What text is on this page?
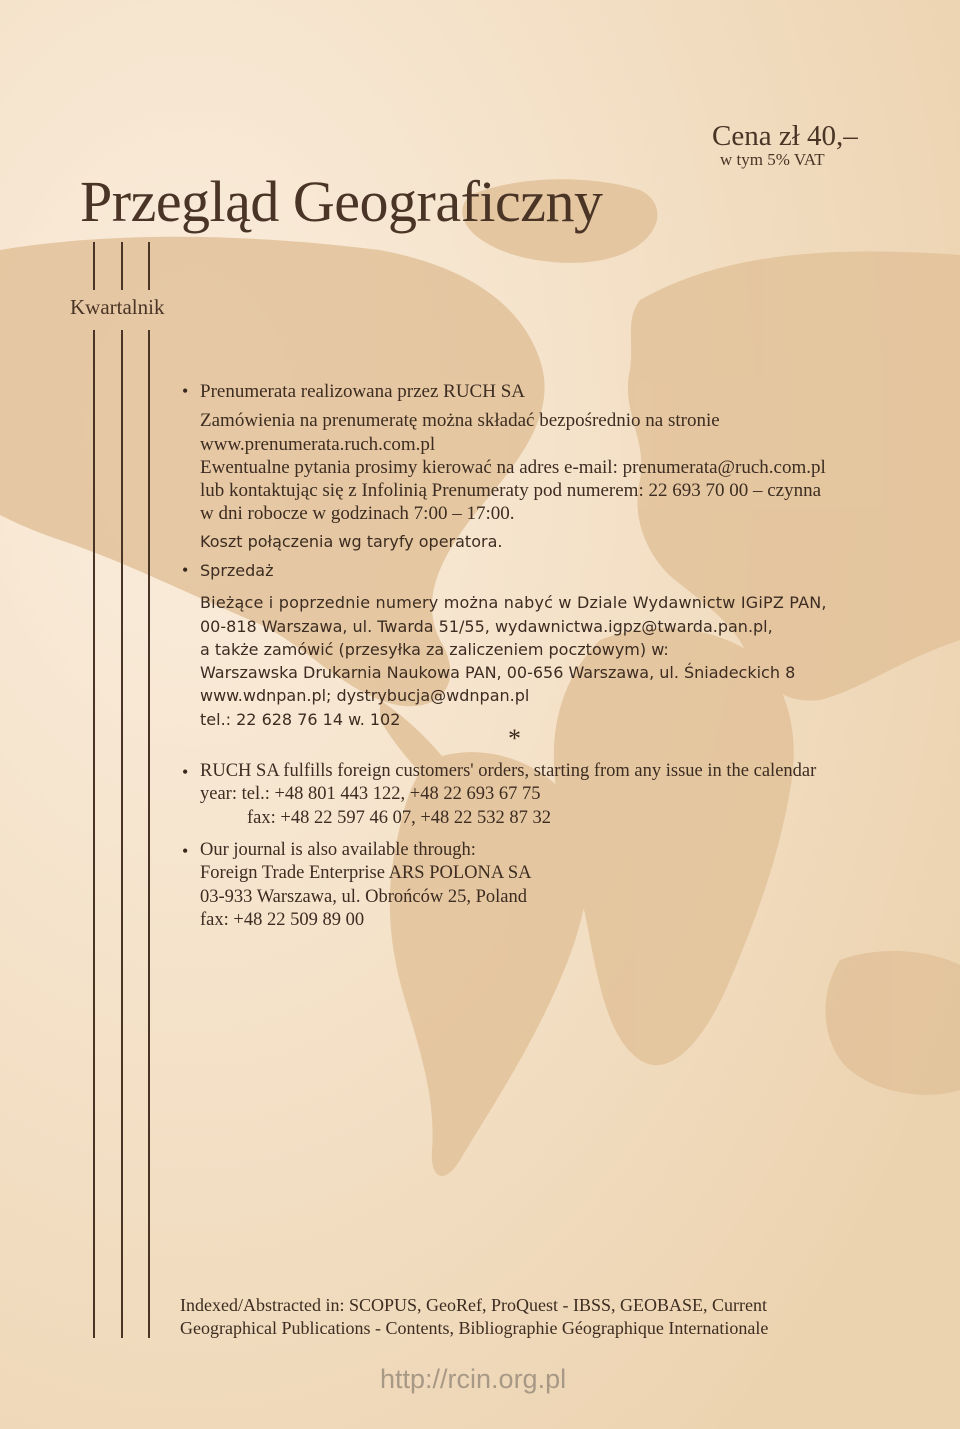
Cena zł 40,–
w tym 5% VAT
Przegląd Geograficzny
Kwartalnik
• Prenumerata realizowana przez RUCH SA
Zamówienia na prenumeratę można składać bezpośrednio na stronie
www.prenumerata.ruch.com.pl
Ewentualne pytania prosimy kierować na adres e-mail: prenumerata@ruch.com.pl
lub kontaktując się z Infolinią Prenumeraty pod numerem: 22 693 70 00 – czynna
w dni robocze w godzinach 7:00 – 17:00.
Koszt połączenia wg taryfy operatora.
• Sprzedaż
Bieżące i poprzednie numery można nabyć w Dziale Wydawnictw IGiPZ PAN,
00-818 Warszawa, ul. Twarda 51/55, wydawnictwa.igpz@twarda.pan.pl,
a także zamówić (przesyłka za zaliczeniem pocztowym) w:
Warszawska Drukarnia Naukowa PAN, 00-656 Warszawa, ul. Śniadeckich 8
www.wdnpan.pl; dystrybucja@wdnpan.pl
tel.: 22 628 76 14 w. 102
*
• RUCH SA fulfills foreign customers' orders, starting from any issue in the calendar
year: tel.: +48 801 443 122, +48 22 693 67 75
fax: +48 22 597 46 07, +48 22 532 87 32
• Our journal is also available through:
Foreign Trade Enterprise ARS POLONA SA
03-933 Warszawa, ul. Obrońców 25, Poland
fax: +48 22 509 89 00
Indexed/Abstracted in: SCOPUS, GeoRef, ProQuest - IBSS, GEOBASE, Current
Geographical Publications - Contents, Bibliographie Géographique Internationale
http://rcin.org.pl
